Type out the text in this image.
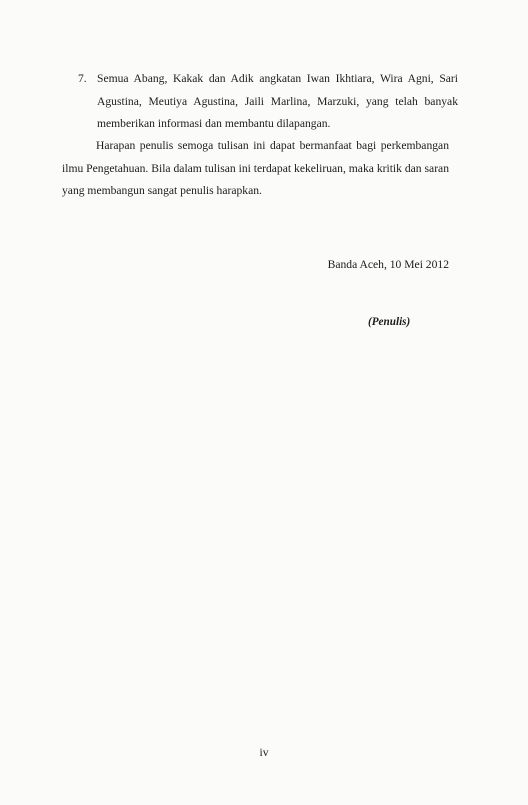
7. Semua Abang, Kakak dan Adik angkatan Iwan Ikhtiara, Wira Agni, Sari Agustina, Meutiya Agustina, Jaili Marlina, Marzuki, yang telah banyak memberikan informasi dan membantu dilapangan.
Harapan penulis semoga tulisan ini dapat bermanfaat bagi perkembangan ilmu Pengetahuan. Bila dalam tulisan ini terdapat kekeliruan, maka kritik dan saran yang membangun sangat penulis harapkan.
Banda Aceh, 10 Mei 2012
(Penulis)
iv
